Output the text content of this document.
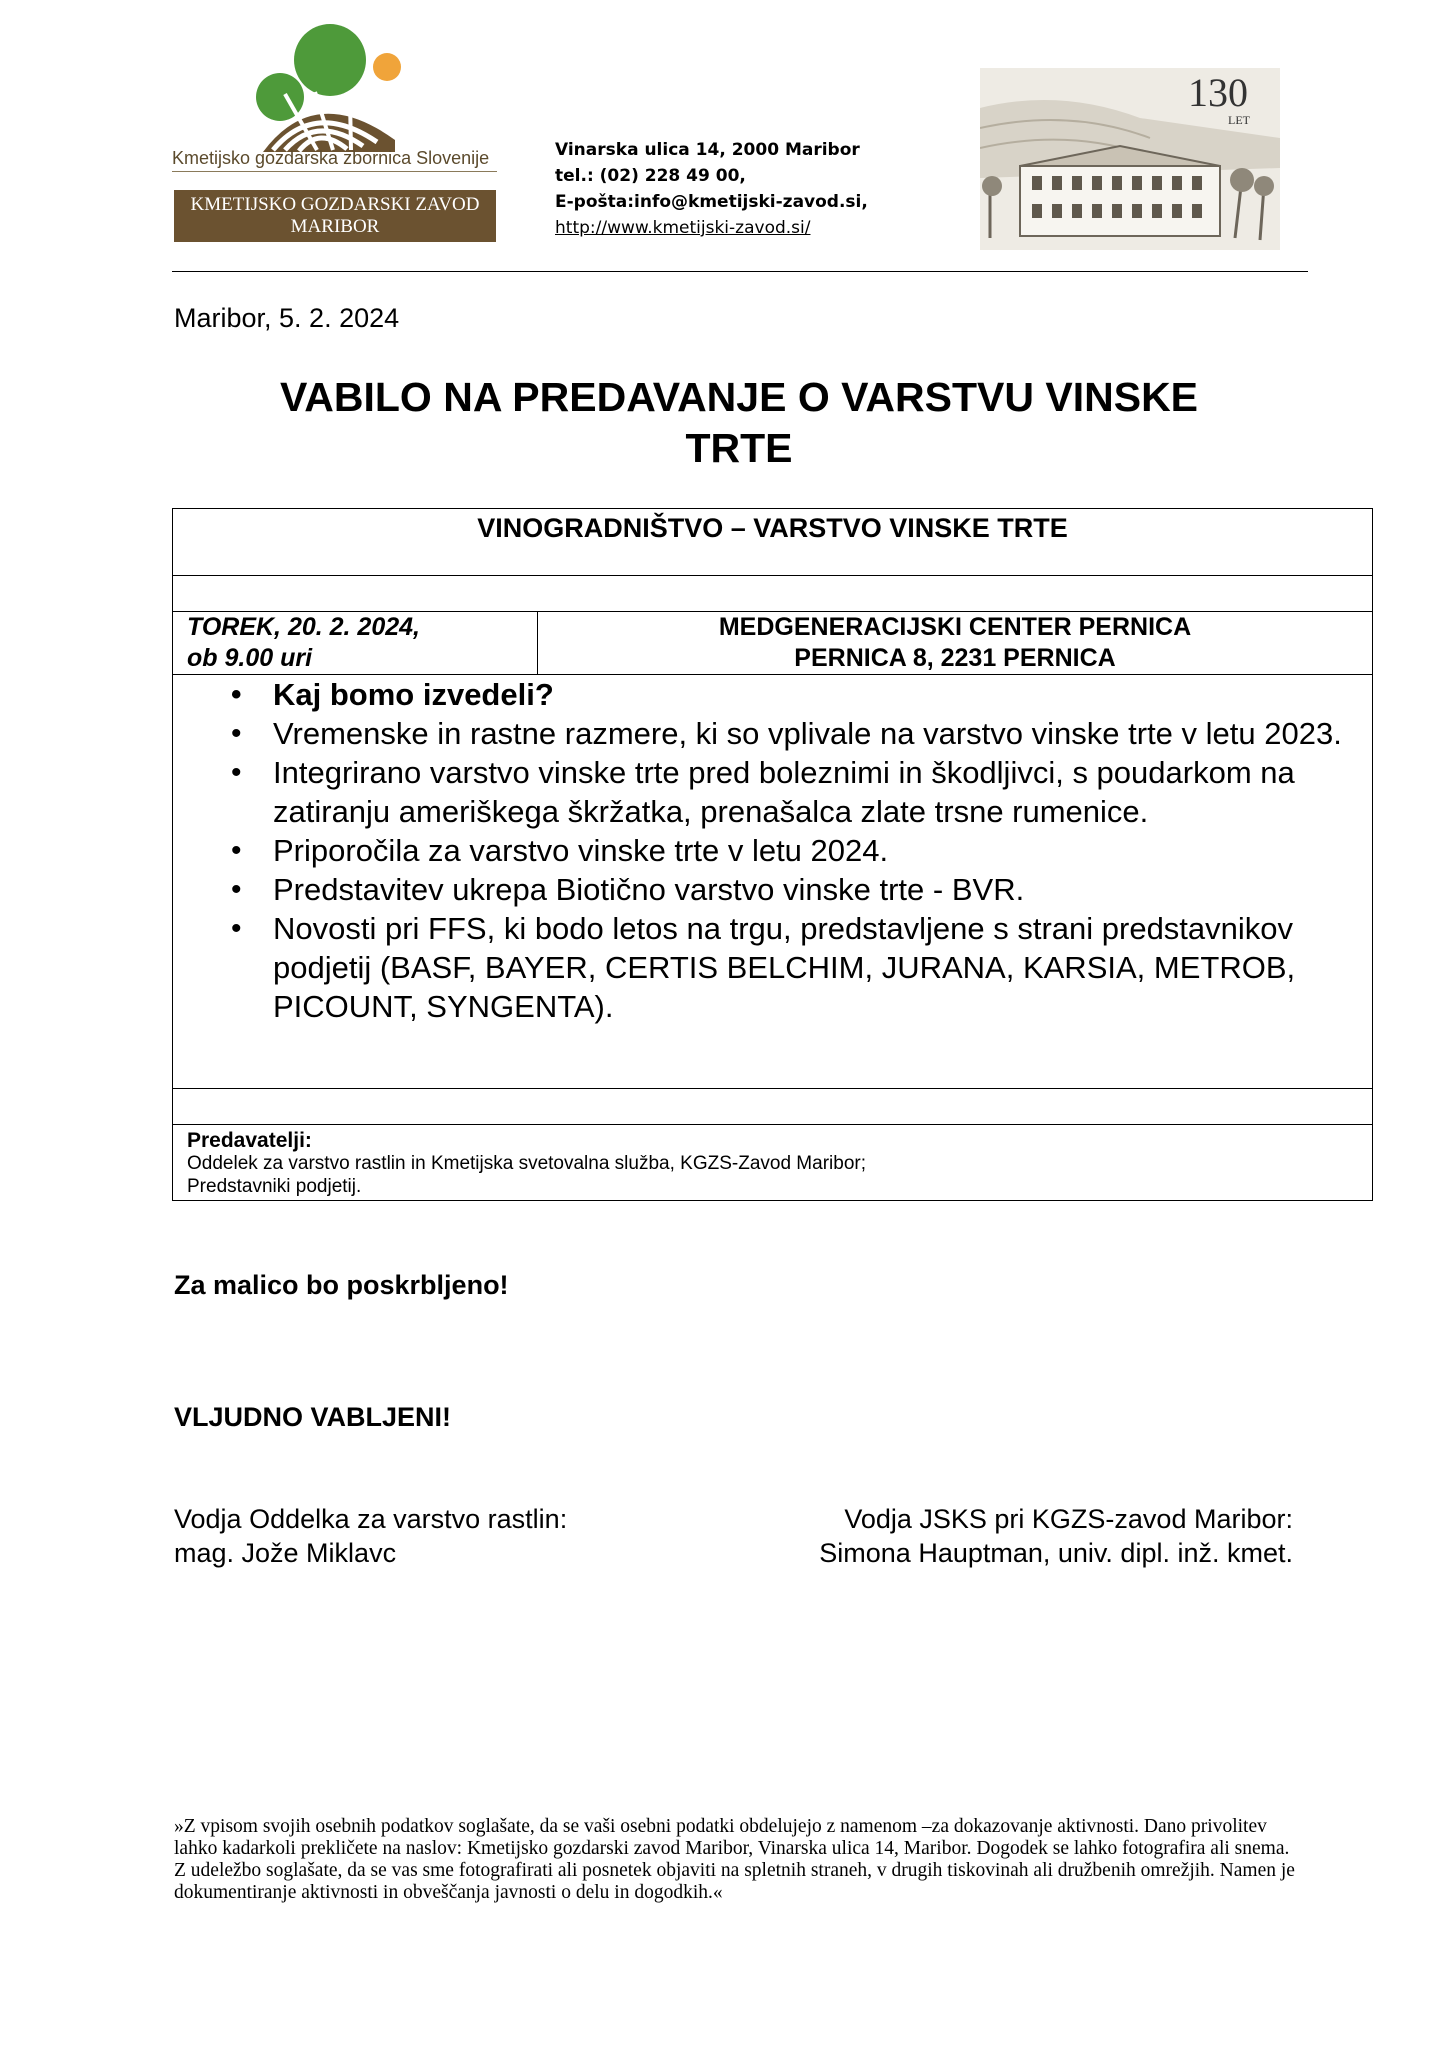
Kmetijsko gozdarska zbornica Slovenije
KMETIJSKO GOZDARSKI ZAVOD
MARIBOR
Vinarska ulica 14, 2000 Maribor
tel.: (02) 228 49 00,
E-pošta:info@kmetijski-zavod.si,
http://www.kmetijski-zavod.si/
130
LET
Maribor, 5. 2. 2024
VABILO NA PREDAVANJE O VARSTVU VINSKE
TRTE
VINOGRADNIŠTVO – VARSTVO VINSKE TRTE

TOREK, 20. 2. 2024,
ob 9.00 uri

MEDGENERACIJSKI CENTER PERNICA
PERNICA 8, 2231 PERNICA

• Kaj bomo izvedeli?
• Vremenske in rastne razmere, ki so vplivale na varstvo vinske trte v letu 2023.
• Integrirano varstvo vinske trte pred boleznimi in škodljivci, s poudarkom na zatiranju ameriškega škržatka, prenašalca zlate trsne rumenice.
• Priporočila za varstvo vinske trte v letu 2024.
• Predstavitev ukrepa Biotično varstvo vinske trte - BVR.
• Novosti pri FFS, ki bodo letos na trgu, predstavljene s strani predstavnikov podjetij (BASF, BAYER, CERTIS BELCHIM, JURANA, KARSIA, METROB, PICOUNT, SYNGENTA).

Predavatelji:
Oddelek za varstvo rastlin in Kmetijska svetovalna služba, KGZS-Zavod Maribor;
Predstavniki podjetij.
Za malico bo poskrbljeno!
VLJUDNO VABLJENI!
Vodja Oddelka za varstvo rastlin:
mag. Jože Miklavc
Vodja JSKS pri KGZS-zavod Maribor:
Simona Hauptman, univ. dipl. inž. kmet.
»Z vpisom svojih osebnih podatkov soglašate, da se vaši osebni podatki obdelujejo z namenom –za dokazovanje aktivnosti. Dano privolitev lahko kadarkoli prekličete na naslov: Kmetijsko gozdarski zavod Maribor, Vinarska ulica 14, Maribor. Dogodek se lahko fotografira ali snema. Z udeležbo soglašate, da se vas sme fotografirati ali posnetek objaviti na spletnih straneh, v drugih tiskovinah ali družbenih omrežjih. Namen je dokumentiranje aktivnosti in obveščanja javnosti o delu in dogodkih.«
